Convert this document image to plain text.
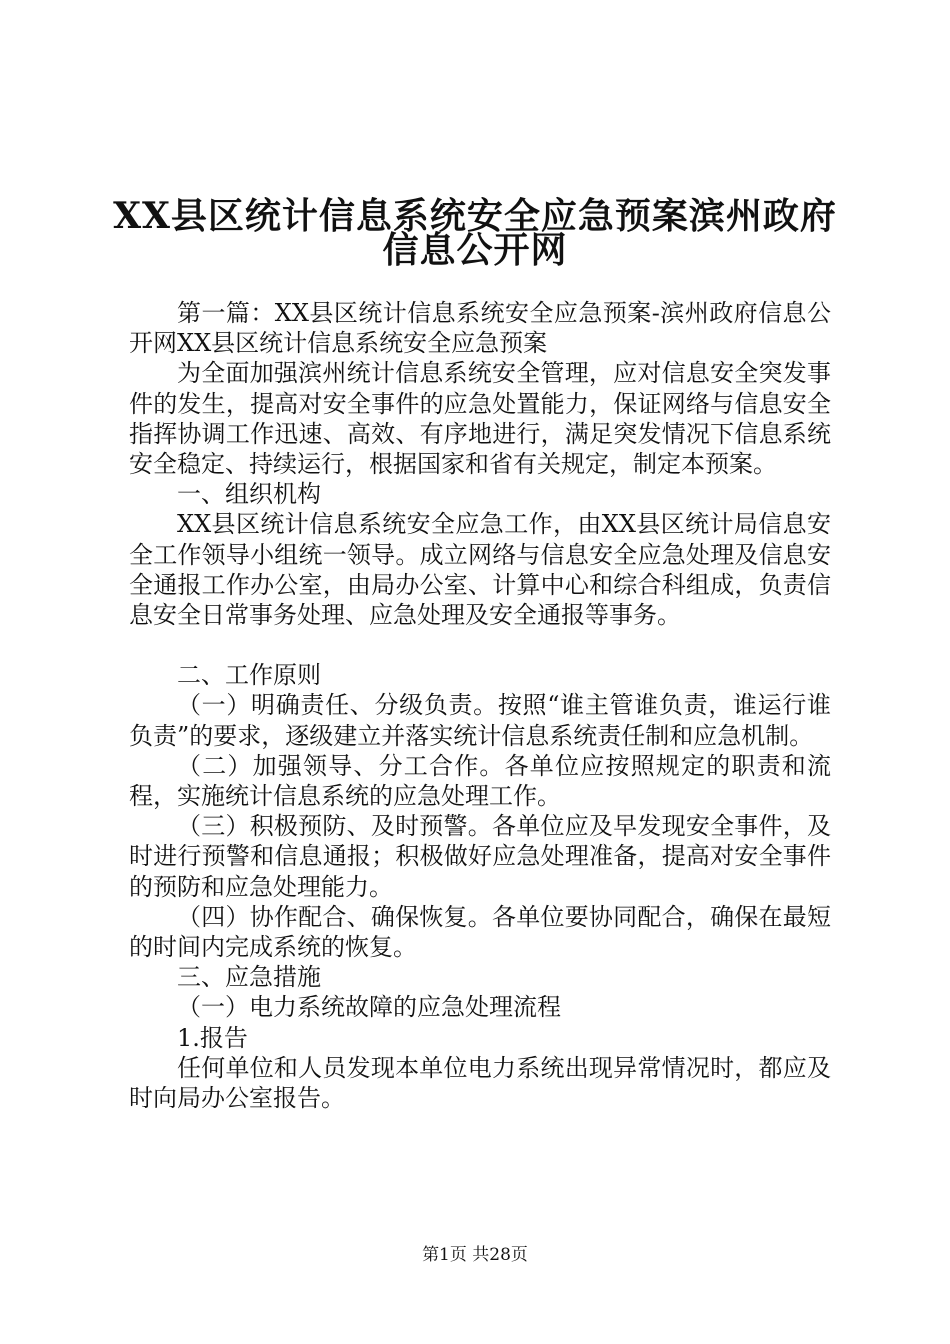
XX县区统计信息系统安全应急预案滨州政府
信息公开网

第一篇：XX县区统计信息系统安全应急预案-滨州政府信息公开网XX县区统计信息系统安全应急预案

为全面加强滨州统计信息系统安全管理，应对信息安全突发事件的发生，提高对安全事件的应急处置能力，保证网络与信息安全指挥协调工作迅速、高效、有序地进行，满足突发情况下信息系统安全稳定、持续运行，根据国家和省有关规定，制定本预案。

一、组织机构

XX县区统计信息系统安全应急工作，由XX县区统计局信息安全工作领导小组统一领导。成立网络与信息安全应急处理及信息安全通报工作办公室，由局办公室、计算中心和综合科组成，负责信息安全日常事务处理、应急处理及安全通报等事务。

二、工作原则

（一）明确责任、分级负责。按照“谁主管谁负责，谁运行谁负责”的要求，逐级建立并落实统计信息系统责任制和应急机制。

（二）加强领导、分工合作。各单位应按照规定的职责和流程，实施统计信息系统的应急处理工作。

（三）积极预防、及时预警。各单位应及早发现安全事件，及时进行预警和信息通报；积极做好应急处理准备，提高对安全事件的预防和应急处理能力。

（四）协作配合、确保恢复。各单位要协同配合，确保在最短的时间内完成系统的恢复。

三、应急措施

（一）电力系统故障的应急处理流程

1.报告

任何单位和人员发现本单位电力系统出现异常情况时，都应及时向局办公室报告。

第1页 共28页
